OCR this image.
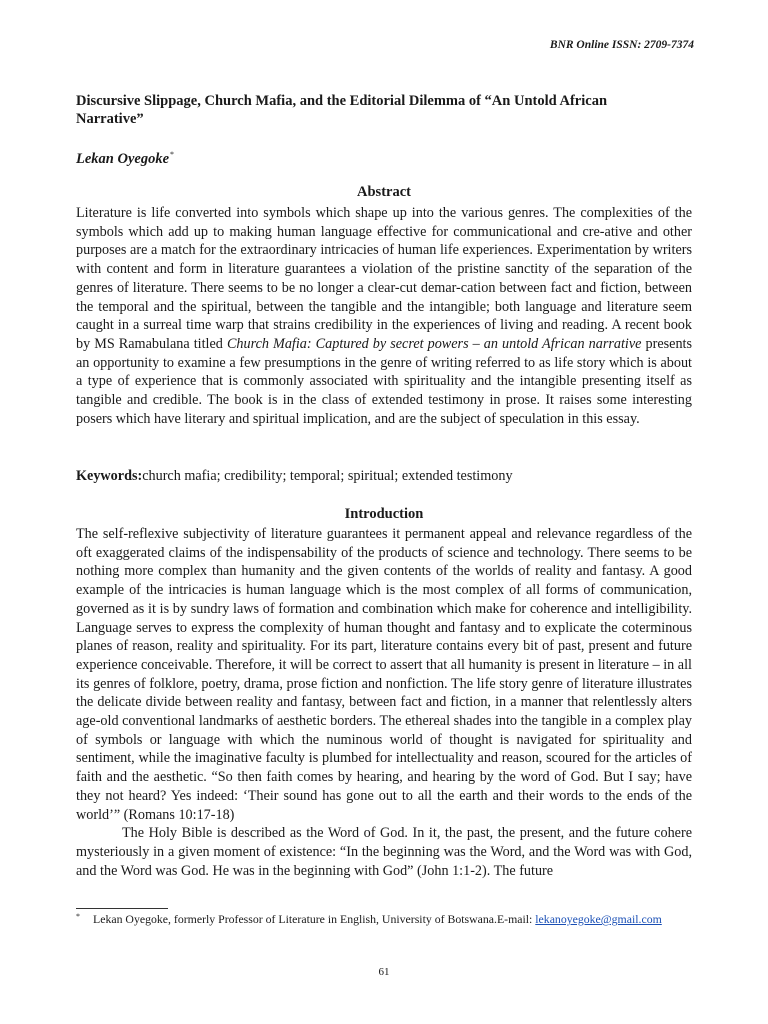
BNR Online ISSN: 2709-7374
Discursive Slippage, Church Mafia, and the Editorial Dilemma of “An Untold African Narrative”
Lekan Oyegoke*
Abstract

Literature is life converted into symbols which shape up into the various genres. The complexities of the symbols which add up to making human language effective for communicational and cre-ative and other purposes are a match for the extraordinary intricacies of human life experiences. Experimentation by writers with content and form in literature guarantees a violation of the pristine sanctity of the separation of the genres of literature. There seems to be no longer a clear-cut demar-cation between fact and fiction, between the temporal and the spiritual, between the tangible and the intangible; both language and literature seem caught in a surreal time warp that strains credibility in the experiences of living and reading. A recent book by MS Ramabulana titled Church Mafia: Captured by secret powers – an untold African narrative presents an opportunity to examine a few presumptions in the genre of writing referred to as life story which is about a type of experience that is commonly associated with spirituality and the intangible presenting itself as tangible and credible. The book is in the class of extended testimony in prose. It raises some interesting posers which have literary and spiritual implication, and are the subject of speculation in this essay.

Keywords:church mafia; credibility; temporal; spiritual; extended testimony
Introduction

The self-reflexive subjectivity of literature guarantees it permanent appeal and relevance regardless of the oft exaggerated claims of the indispensability of the products of science and technology. There seems to be nothing more complex than humanity and the given contents of the worlds of reality and fantasy. A good example of the intricacies is human language which is the most complex of all forms of communication, governed as it is by sundry laws of formation and combination which make for coherence and intelligibility. Language serves to express the complexity of human thought and fantasy and to explicate the coterminous planes of reason, reality and spirituality. For its part, literature contains every bit of past, present and future experience conceivable. Therefore, it will be correct to assert that all humanity is present in literature – in all its genres of folklore, poetry, drama, prose fiction and nonfiction. The life story genre of literature illustrates the delicate divide between reality and fantasy, between fact and fiction, in a manner that relentlessly alters age-old conventional landmarks of aesthetic borders. The ethereal shades into the tangible in a complex play of symbols or language with which the numinous world of thought is navigated for spirituality and sentiment, while the imaginative faculty is plumbed for intellectuality and reason, scoured for the articles of faith and the aesthetic. “So then faith comes by hearing, and hearing by the word of God. But I say; have they not heard? Yes indeed: ‘Their sound has gone out to all the earth and their words to the ends of the world’” (Romans 10:17-18)

The Holy Bible is described as the Word of God. In it, the past, the present, and the future cohere mysteriously in a given moment of existence: “In the beginning was the Word, and the Word was with God, and the Word was God. He was in the beginning with God” (John 1:1-2). The future

* Lekan Oyegoke, formerly Professor of Literature in English, University of Botswana.E-mail: lekanoyegoke@gmail.com
61
